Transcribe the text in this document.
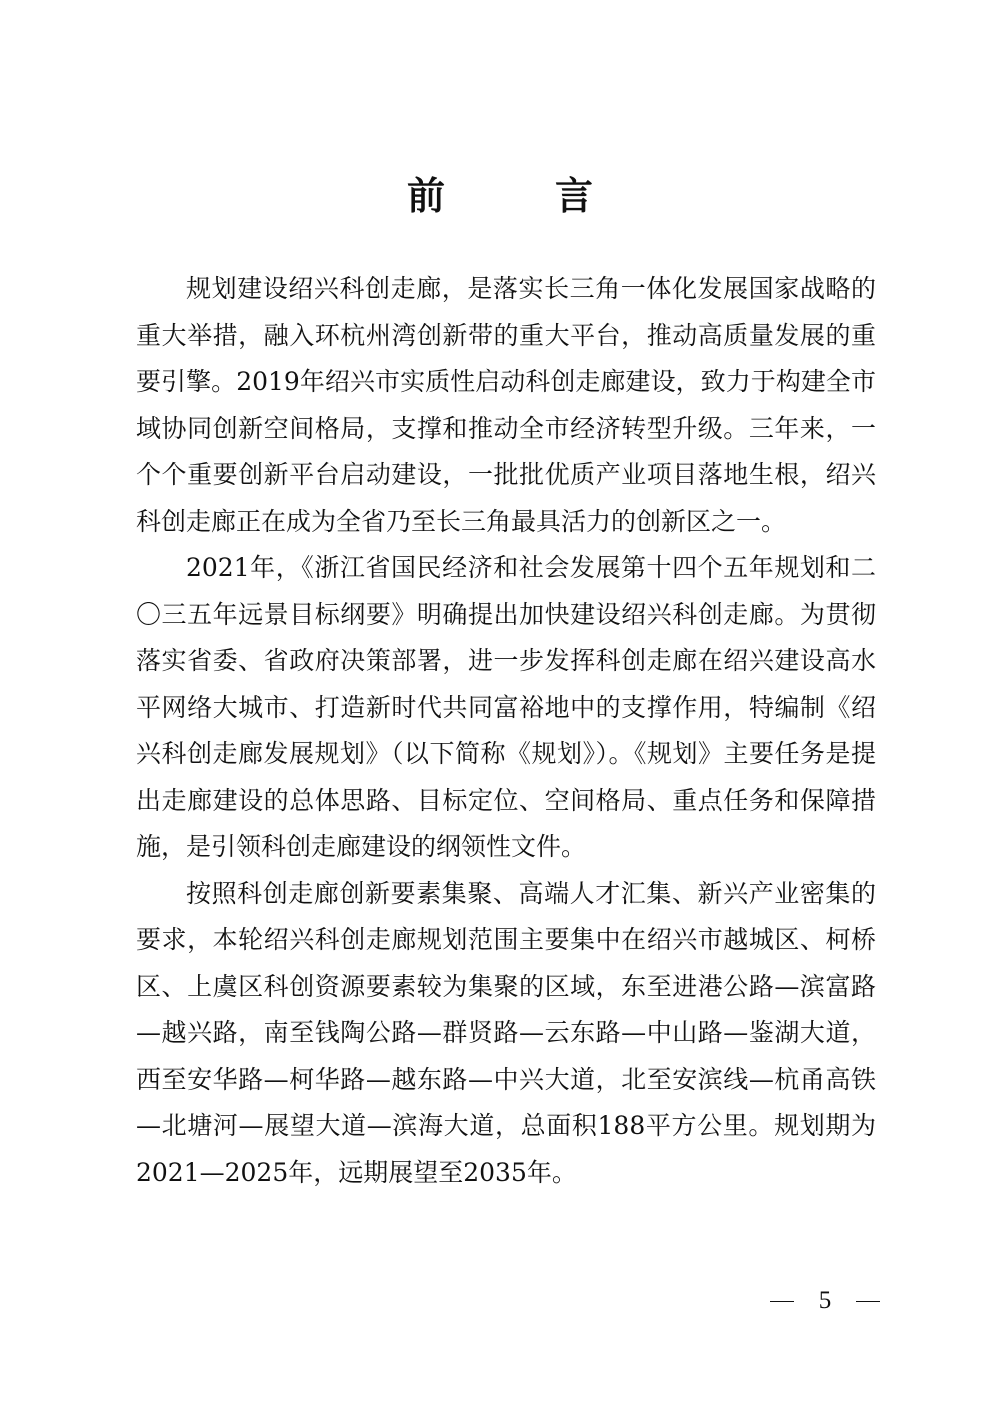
前　言

规划建设绍兴科创走廊，是落实长三角一体化发展国家战略的重大举措，融入环杭州湾创新带的重大平台，推动高质量发展的重要引擎。2019年绍兴市实质性启动科创走廊建设，致力于构建全市域协同创新空间格局，支撑和推动全市经济转型升级。三年来，一个个重要创新平台启动建设，一批批优质产业项目落地生根，绍兴科创走廊正在成为全省乃至长三角最具活力的创新区之一。

2021年，《浙江省国民经济和社会发展第十四个五年规划和二〇三五年远景目标纲要》明确提出加快建设绍兴科创走廊。为贯彻落实省委、省政府决策部署，进一步发挥科创走廊在绍兴建设高水平网络大城市、打造新时代共同富裕地中的支撑作用，特编制《绍兴科创走廊发展规划》（以下简称《规划》）。《规划》主要任务是提出走廊建设的总体思路、目标定位、空间格局、重点任务和保障措施，是引领科创走廊建设的纲领性文件。

按照科创走廊创新要素集聚、高端人才汇集、新兴产业密集的要求，本轮绍兴科创走廊规划范围主要集中在绍兴市越城区、柯桥区、上虞区科创资源要素较为集聚的区域，东至进港公路—滨富路—越兴路，南至钱陶公路—群贤路—云东路—中山路—鉴湖大道，西至安华路—柯华路—越东路—中兴大道，北至安滨线—杭甬高铁—北塘河—展望大道—滨海大道，总面积188平方公里。规划期为2021—2025年，远期展望至2035年。

5
